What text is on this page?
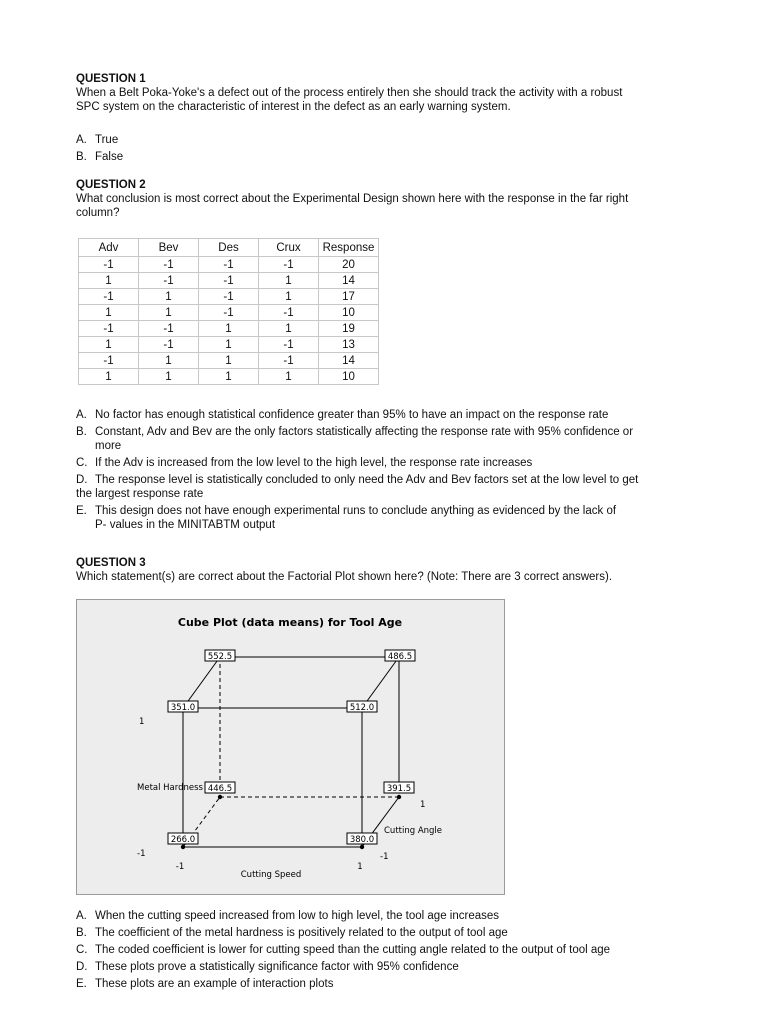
QUESTION 1

When a Belt Poka-Yoke's a defect out of the process entirely then she should track the activity with a robust

SPC system on the characteristic of interest in the defect as an early warning system.

A. True
B. False

QUESTION 2

What conclusion is most correct about the Experimental Design shown here with the response in the far right

column?

Adv	Bev	Des	Crux	Response
-1	-1	-1	-1	20
1	-1	-1	1	14
-1	1	-1	1	17
1	1	-1	-1	10
-1	-1	1	1	19
1	-1	1	-1	13
-1	1	1	-1	14
1	1	1	1	10
A. No factor has enough statistical confidence greater than 95% to have an impact on the response rate
B. Constant, Adv and Bev are the only factors statistically affecting the response rate with 95% confidence or
more
C. If the Adv is increased from the low level to the high level, the response rate increases
D. The response level is statistically concluded to only need the Adv and Bev factors set at the low level to get
the largest response rate
E. This design does not have enough experimental runs to conclude anything as evidenced by the lack of
P- values in the MINITABTM output

QUESTION 3

Which statement(s) are correct about the Factorial Plot shown here? (Note: There are 3 correct answers).

Cube Plot (data means) for Tool Age
552.5	486.5
351.0	512.0
446.5	391.5
266.0	380.0
1
Metal Hardness
-1
-1	1
Cutting Speed
1
Cutting Angle
-1
A. When the cutting speed increased from low to high level, the tool age increases
B. The coefficient of the metal hardness is positively related to the output of tool age
C. The coded coefficient is lower for cutting speed than the cutting angle related to the output of tool age
D. These plots prove a statistically significance factor with 95% confidence
E. These plots are an example of interaction plots
